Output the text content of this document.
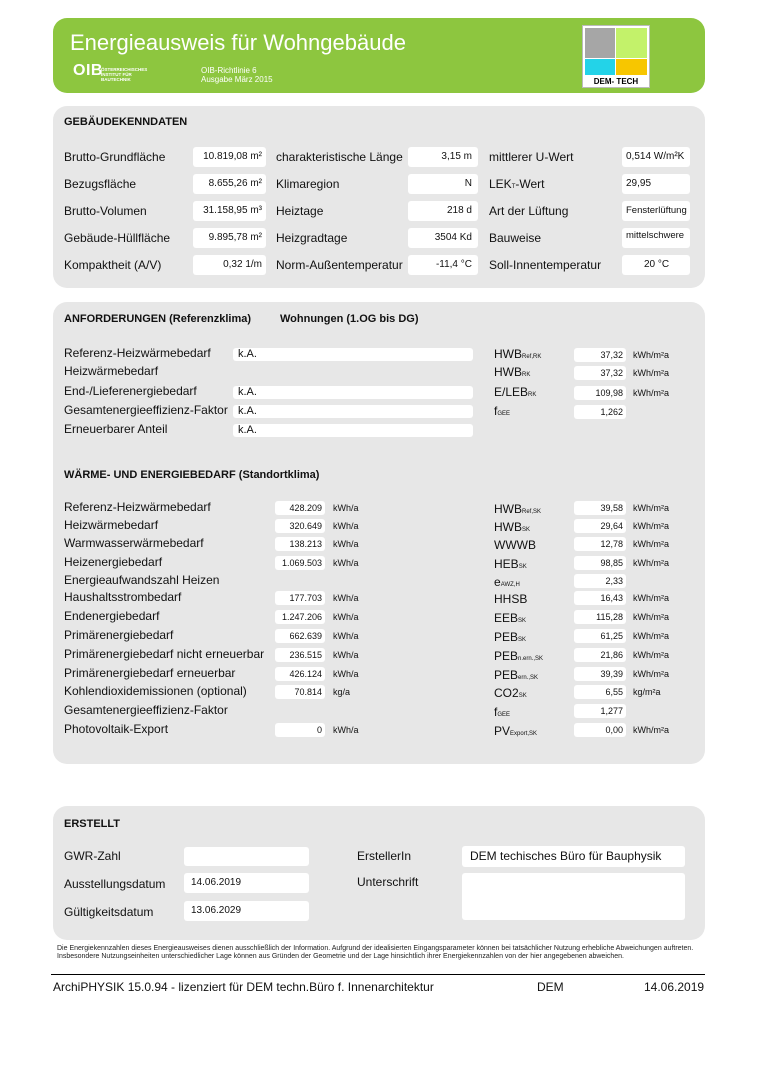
Energieausweis für Wohngebäude
OIB
ÖSTERREICHISCHES
INSTITUT FÜR BAUTECHNIK
OIB-Richtlinie 6
Ausgabe März 2015	DEM- TECH
GEBÄUDEKENNDATEN
Brutto-Grundfläche	10.819,08 m²	charakteristische Länge	3,15 m	mittlerer U-Wert	0,514 W/m²K
Bezugsfläche	8.655,26 m²	Klimaregion	N	LEKT-Wert	29,95
Brutto-Volumen	31.158,95 m³	Heiztage	218 d	Art der Lüftung	Fensterlüftung
Gebäude-Hüllfläche	9.895,78 m²	Heizgradtage	3504 Kd	Bauweise	mittelschwere
Kompaktheit (A/V)	0,32 1/m	Norm-Außentemperatur	-11,4 °C	Soll-Innentemperatur	20 °C
ANFORDERUNGEN (Referenzklima)	Wohnungen (1.OG bis DG)
WÄRME- UND ENERGIEBEDARF (Standortklima)
Referenz-Heizwärmebedarf	k.A.	HWBRef,RK	37,32	kWh/m²a
Heizwärmebedarf	HWBRK	37,32	kWh/m²a
End-/Lieferenergiebedarf	k.A.	E/LEBRK	109,98	kWh/m²a
Gesamtenergieeffizienz-Faktor k.A.	fGEE	1,262
Erneuerbarer Anteil	k.A.
Referenz-Heizwärmebedarf	428.209	kWh/a	HWBRef,SK	39,58	kWh/m²a
Heizwärmebedarf	320.649	kWh/a	HWBSK	29,64	kWh/m²a
Warmwasserwärmebedarf	138.213	kWh/a	WWWB	12,78	kWh/m²a
Heizenergiebedarf	1.069.503	kWh/a	HEBSK	98,85	kWh/m²a
Energieaufwandszahl Heizen	eAWZ,H	2,33
Haushaltsstrombedarf	177.703	kWh/a	HHSB	16,43	kWh/m²a
Endenergiebedarf	1.247.206	kWh/a	EEBSK	115,28	kWh/m²a
Primärenergiebedarf	662.639	kWh/a	PEBSK	61,25	kWh/m²a
Primärenergiebedarf nicht erneuerbar	236.515	kWh/a	PEBn.ern.,SK	21,86	kWh/m²a
Primärenergiebedarf erneuerbar	426.124	kWh/a	PEBern.,SK	39,39	kWh/m²a
Kohlendioxidemissionen (optional)	70.814	kg/a	CO2SK	6,55	kg/m²a
Gesamtenergieeffizienz-Faktor	fGEE	1,277
Photovoltaik-Export	0	kWh/a	PVExport,SK	0,00	kWh/m²a
ERSTELLT
GWR-Zahl
Ausstellungsdatum	14.06.2019
Gültigkeitsdatum	13.06.2029
ErstellerIn	DEM techisches Büro für Bauphysik
Unterschrift
Die Energiekennzahlen dieses Energieausweises dienen ausschließlich der Information. Aufgrund der idealisierten Eingangsparameter können bei tatsächlicher Nutzung erhebliche Abweichungen auftreten. Insbesondere Nutzungseinheiten unterschiedlicher Lage können aus Gründen der Geometrie und der Lage hinsichtlich ihrer Energiekennzahlen von der hier angegebenen abweichen.
ArchiPHYSIK 15.0.94 - lizenziert für DEM techn.Büro f. Innenarchitektur	DEM	14.06.2019
